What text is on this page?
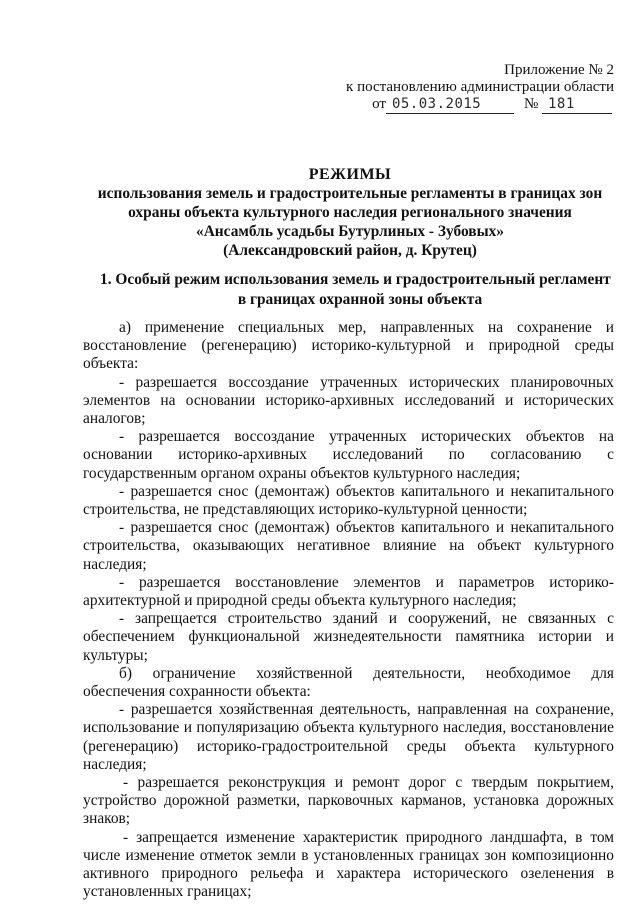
Приложение № 2
к постановлению администрации области
от 05.03.2015	№ 181
РЕЖИМЫ
использования земель и градостроительные регламенты в границах зон
охраны объекта культурного наследия регионального значения
«Ансамбль усадьбы Бутурлиных - Зубовых»
(Александровский район, д. Крутец)
1. Особый режим использования земель и градостроительный регламент
в границах охранной зоны объекта

а) применение специальных мер, направленных на сохранение и восстановление (регенерацию) историко-культурной и природной среды объекта:

- разрешается воссоздание утраченных исторических планировочных элементов на основании историко-архивных исследований и исторических аналогов;

- разрешается воссоздание утраченных исторических объектов на основании историко-архивных исследований по согласованию с государственным органом охраны объектов культурного наследия;

- разрешается снос (демонтаж) объектов капитального и некапитального строительства, не представляющих историко-культурной ценности;

- разрешается снос (демонтаж) объектов капитального и некапитального строительства, оказывающих негативное влияние на объект культурного наследия;

- разрешается восстановление элементов и параметров историко-архитектурной и природной среды объекта культурного наследия;

- запрещается строительство зданий и сооружений, не связанных с обеспечением функциональной жизнедеятельности памятника истории и культуры;

б) ограничение хозяйственной деятельности, необходимое для обеспечения сохранности объекта:

- разрешается хозяйственная деятельность, направленная на сохранение, использование и популяризацию объекта культурного наследия, восстановление (регенерацию) историко-градостроительной среды объекта культурного наследия;

- разрешается реконструкция и ремонт дорог с твердым покрытием, устройство дорожной разметки, парковочных карманов, установка дорожных знаков;

- запрещается изменение характеристик природного ландшафта, в том числе изменение отметок земли в установленных границах зон композиционно активного природного рельефа и характера исторического озеленения в установленных границах;
